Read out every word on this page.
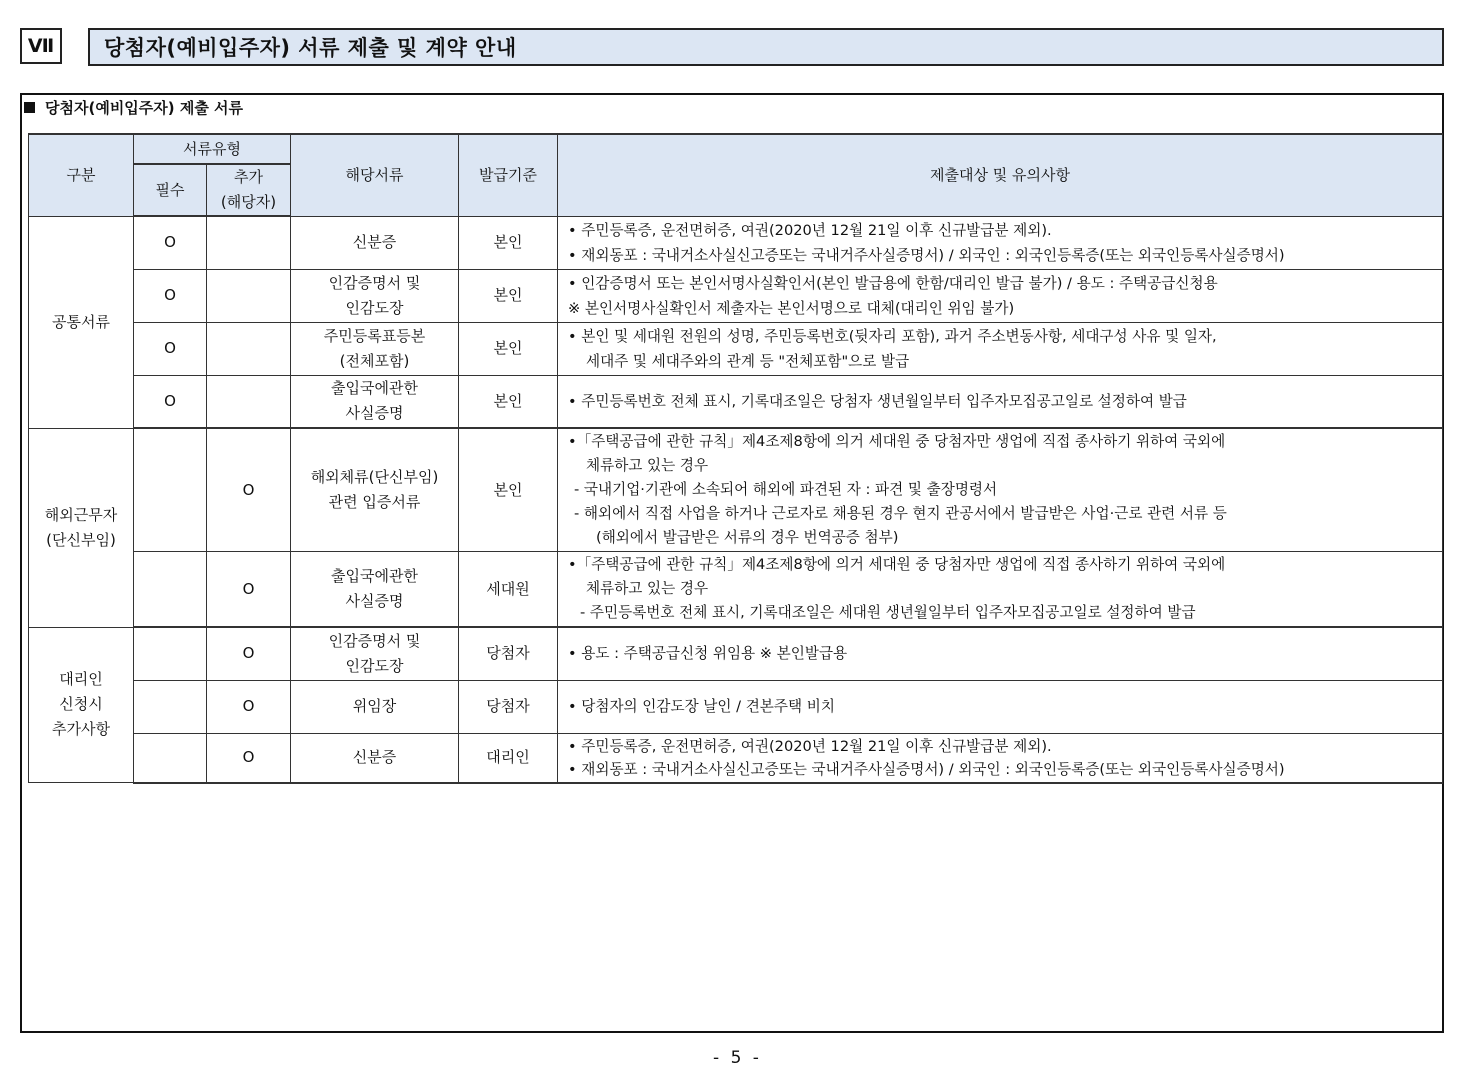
Ⅶ	당첨자(예비입주자) 서류 제출 및 계약 안내
당첨자(예비입주자) 제출 서류
구분	서류유형		해당서류	발급기준	제출대상 및 유의사항
	필수	추가
(해당자)			

공통서류	O		신분증	본인	• 주민등록증, 운전면허증, 여권(2020년 12월 21일 이후 신규발급분 제외).
• 재외동포 : 국내거소사실신고증또는 국내거주사실증명서) / 외국인 : 외국인등록증(또는 외국인등록사실증명서)

	O		인감증명서 및
인감도장	본인	• 인감증명서 또는 본인서명사실확인서(본인 발급용에 한함/대리인 발급 불가) / 용도 : 주택공급신청용
※ 본인서명사실확인서 제출자는 본인서명으로 대체(대리인 위임 불가)

	O		주민등록표등본
(전체포함)	본인	• 본인 및 세대원 전원의 성명, 주민등록번호(뒷자리 포함), 과거 주소변동사항, 세대구성 사유 및 일자,
세대주 및 세대주와의 관계 등 "전체포함"으로 발급

	O		출입국에관한
사실증명	본인	• 주민등록번호 전체 표시, 기록대조일은 당첨자 생년월일부터 입주자모집공고일로 설정하여 발급

해외근무자
(단신부임)		O	해외체류(단신부임)
관련 입증서류	본인	•「주택공급에 관한 규칙」제4조제8항에 의거 세대원 중 당첨자만 생업에 직접 종사하기 위하여 국외에
체류하고 있는 경우
- 국내기업·기관에 소속되어 해외에 파견된 자 : 파견 및 출장명령서
- 해외에서 직접 사업을 하거나 근로자로 채용된 경우 현지 관공서에서 발급받은 사업·근로 관련 서류 등
(해외에서 발급받은 서류의 경우 번역공증 첨부)

		O	출입국에관한
사실증명	세대원	•「주택공급에 관한 규칙」제4조제8항에 의거 세대원 중 당첨자만 생업에 직접 종사하기 위하여 국외에
체류하고 있는 경우
- 주민등록번호 전체 표시, 기록대조일은 세대원 생년월일부터 입주자모집공고일로 설정하여 발급

대리인
신청시
추가사항		O	인감증명서 및
인감도장	당첨자	• 용도 : 주택공급신청 위임용 ※ 본인발급용

		O	위임장	당첨자	• 당첨자의 인감도장 날인 / 견본주택 비치

		O	신분증	대리인	• 주민등록증, 운전면허증, 여권(2020년 12월 21일 이후 신규발급분 제외).
• 재외동포 : 국내거소사실신고증또는 국내거주사실증명서) / 외국인 : 외국인등록증(또는 외국인등록사실증명서)
- 5 -
